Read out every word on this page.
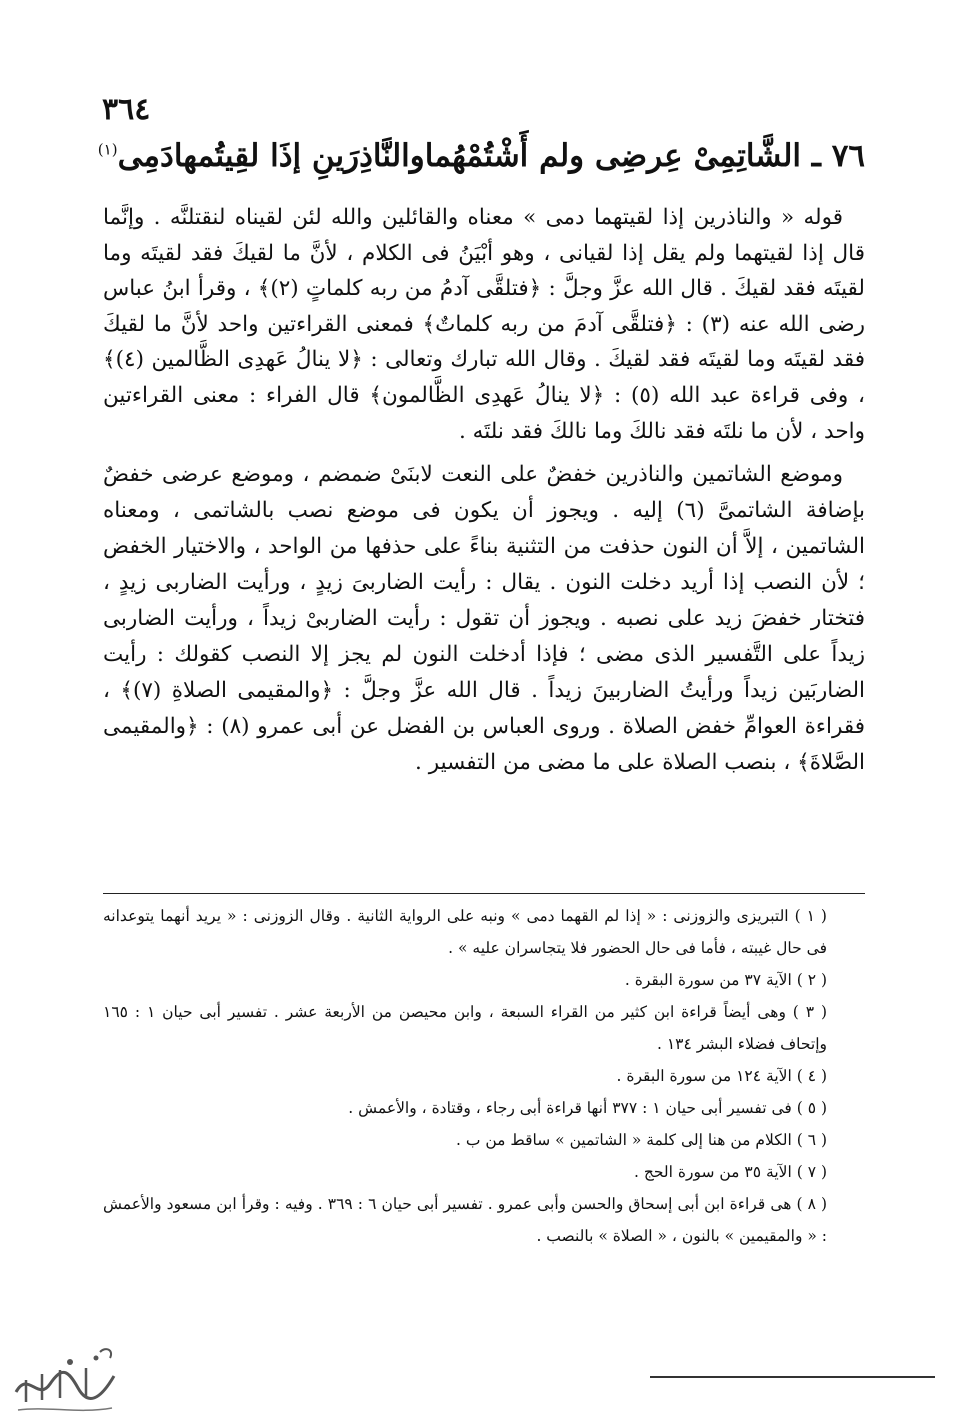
٣٦٤
٧٦ ـ الشَّاتِمِىْ عِرضِى ولم أَشْتُمْهُما
والنَّاذِرَينِ إذَا لقِيتُمهادَمِى$^{(١)}$

قوله « والناذرين إذا لقيتهما دمى » معناه والقائلين والله لئن لقيناه لنقتلنَّه . وإنَّما قال إذا لقيتهما ولم يقل إذا لقيانى ، وهو أبْيَنُ فى الكلام ، لأنَّ ما لقيكَ فقد لقيتَه وما لقيتَه فقد لقيكَ . قال الله عزَّ وجلَّ : ﴿فتلقَّى آدمُ من ربه كلماتٍ (٢)﴾ ، وقرأ ابنُ عباس رضى الله عنه (٣) : ﴿فتلقَّى آدمَ من ربه كلماتٌ﴾ فمعنى القراءتين واحد لأنَّ ما لقيكَ فقد لقيتَه وما لقيتَه فقد لقيكَ . وقال الله تبارك وتعالى : ﴿لا ينالُ عَهدِى الظَّالمين (٤)﴾ ، وفى قراءة عبد الله (٥) : ﴿لا ينالُ عَهدِى الظَّالمون﴾ قال الفراء : معنى القراءتين واحد ، لأن ما نلتَه فقد نالكَ وما نالكَ فقد نلتَه .

وموضع الشاتمين والناذرين خفضٌ على النعت لابنَىْ ضمضم ، وموضع عرضى خفضٌ بإضافة الشاتمىَّ (٦) إليه . ويجوز أن يكون فى موضع نصب بالشاتمى ، ومعناه الشاتمين ، إلاَّ أن النون حذفت من التثنية بناءً على حذفها من الواحد ، والاختيار الخفض ؛ لأن النصب إذا أريد دخلت النون . يقال : رأيت الضاربىَ زيدٍ ، ورأيت الضاربى زيدٍ ، فتختار خفضَ زيد على نصبه . ويجوز أن تقول : رأيت الضاربىْ زيداً ، ورأيت الضاربى زيداً على التَّفسير الذى مضى ؛ فإذا أدخلت النون لم يجز إلا النصب كقولك : رأيت الضاربَين زيداً ورأيتُ الضاربينَ زيداً . قال الله عزَّ وجلَّ : ﴿والمقيمى الصلاةِ (٧)﴾ ، فقراءة العوامِّ خفض الصلاة . وروى العباس بن الفضل عن أبى عمرو (٨) : ﴿والمقيمى الصَّلاةَ﴾ ، بنصب الصلاة على ما مضى من التفسير .

( ١ ) التبريزى والزوزنى : « إذا لم القهما دمى » ونبه على الرواية الثانية . وقال الزوزنى : « يريد أنهما يتوعدانه فى حال غيبته ، فأما فى حال الحضور فلا يتجاسران عليه » .
( ٢ ) الآية ٣٧ من سورة البقرة .
( ٣ ) وهى أيضاً قراءة ابن كثير من القراء السبعة ، وابن محيصن من الأربعة عشر . تفسير أبى حيان ١ : ١٦٥ وإتحاف فضلاء البشر ١٣٤ .
( ٤ ) الآية ١٢٤ من سورة البقرة .
( ٥ ) فى تفسير أبى حيان ١ : ٣٧٧ أنها قراءة أبى رجاء ، وقتادة ، والأعمش .
( ٦ ) الكلام من هنا إلى كلمة « الشاتمين » ساقط من ب .
( ٧ ) الآية ٣٥ من سورة الحج .
( ٨ ) هى قراءة ابن أبى إسحاق والحسن وأبى عمرو . تفسير أبى حيان ٦ : ٣٦٩ . وفيه : وقرأ ابن مسعود والأعمش : « والمقيمين » بالنون ، « الصلاة » بالنصب .
